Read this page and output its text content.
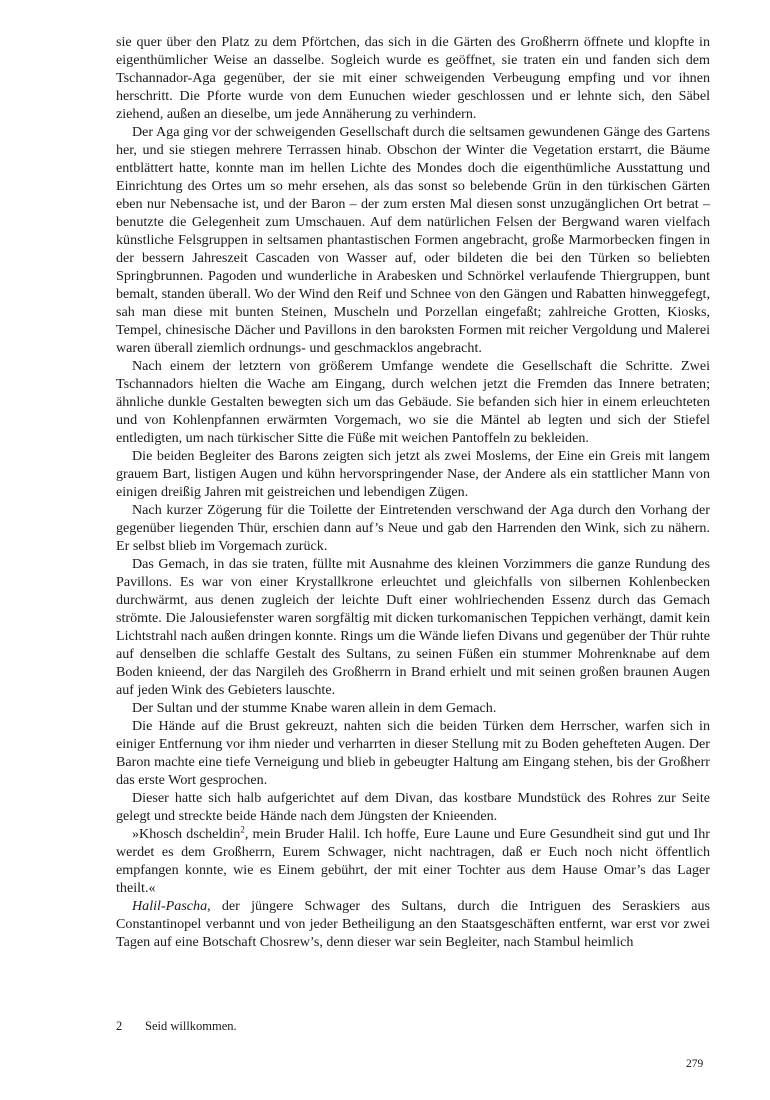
sie quer über den Platz zu dem Pförtchen, das sich in die Gärten des Großherrn öffnete und klopfte in eigenthümlicher Weise an dasselbe. Sogleich wurde es geöffnet, sie traten ein und fanden sich dem Tschannador-Aga gegenüber, der sie mit einer schweigenden Verbeugung empfing und vor ihnen herschritt. Die Pforte wurde von dem Eunuchen wieder geschlossen und er lehnte sich, den Säbel ziehend, außen an dieselbe, um jede Annäherung zu verhindern.

Der Aga ging vor der schweigenden Gesellschaft durch die seltsamen gewundenen Gänge des Gartens her, und sie stiegen mehrere Terrassen hinab. Obschon der Winter die Vegetation erstarrt, die Bäume entblättert hatte, konnte man im hellen Lichte des Mondes doch die eigenthümliche Ausstattung und Einrichtung des Ortes um so mehr ersehen, als das sonst so belebende Grün in den türkischen Gärten eben nur Nebensache ist, und der Baron – der zum ersten Mal diesen sonst unzugänglichen Ort betrat – benutzte die Gelegenheit zum Umschauen. Auf dem natürlichen Felsen der Bergwand waren vielfach künstliche Felsgruppen in seltsamen phantastischen Formen angebracht, große Marmorbecken fingen in der bessern Jahreszeit Cascaden von Wasser auf, oder bildeten die bei den Türken so beliebten Springbrunnen. Pagoden und wunderliche in Arabesken und Schnörkel verlaufende Thiergruppen, bunt bemalt, standen überall. Wo der Wind den Reif und Schnee von den Gängen und Rabatten hinweggefegt, sah man diese mit bunten Steinen, Muscheln und Porzellan eingefaßt; zahlreiche Grotten, Kiosks, Tempel, chinesische Dächer und Pavillons in den baroksten Formen mit reicher Vergoldung und Malerei waren überall ziemlich ordnungs- und geschmacklos angebracht.

Nach einem der letztern von größerem Umfange wendete die Gesellschaft die Schritte. Zwei Tschannadors hielten die Wache am Eingang, durch welchen jetzt die Fremden das Innere betraten; ähnliche dunkle Gestalten bewegten sich um das Gebäude. Sie befanden sich hier in einem erleuchteten und von Kohlenpfannen erwärmten Vorgemach, wo sie die Mäntel ab legten und sich der Stiefel entledigten, um nach türkischer Sitte die Füße mit weichen Pantoffeln zu bekleiden.

Die beiden Begleiter des Barons zeigten sich jetzt als zwei Moslems, der Eine ein Greis mit langem grauem Bart, listigen Augen und kühn hervorspringender Nase, der Andere als ein stattlicher Mann von einigen dreißig Jahren mit geistreichen und lebendigen Zügen.

Nach kurzer Zögerung für die Toilette der Eintretenden verschwand der Aga durch den Vorhang der gegenüber liegenden Thür, erschien dann auf’s Neue und gab den Harrenden den Wink, sich zu nähern. Er selbst blieb im Vorgemach zurück.

Das Gemach, in das sie traten, füllte mit Ausnahme des kleinen Vorzimmers die ganze Rundung des Pavillons. Es war von einer Krystallkrone erleuchtet und gleichfalls von silbernen Kohlenbecken durchwärmt, aus denen zugleich der leichte Duft einer wohlriechenden Essenz durch das Gemach strömte. Die Jalousiefenster waren sorgfältig mit dicken turkomanischen Teppichen verhängt, damit kein Lichtstrahl nach außen dringen konnte. Rings um die Wände liefen Divans und gegenüber der Thür ruhte auf denselben die schlaffe Gestalt des Sultans, zu seinen Füßen ein stummer Mohrenknabe auf dem Boden knieend, der das Nargileh des Großherrn in Brand erhielt und mit seinen großen braunen Augen auf jeden Wink des Gebieters lauschte.

Der Sultan und der stumme Knabe waren allein in dem Gemach.

Die Hände auf die Brust gekreuzt, nahten sich die beiden Türken dem Herrscher, warfen sich in einiger Entfernung vor ihm nieder und verharrten in dieser Stellung mit zu Boden gehefteten Augen. Der Baron machte eine tiefe Verneigung und blieb in gebeugter Haltung am Eingang stehen, bis der Großherr das erste Wort gesprochen.

Dieser hatte sich halb aufgerichtet auf dem Divan, das kostbare Mundstück des Rohres zur Seite gelegt und streckte beide Hände nach dem Jüngsten der Knieenden.

»Khosch dscheldin$^2$, mein Bruder Halil. Ich hoffe, Eure Laune und Eure Gesundheit sind gut und Ihr werdet es dem Großherrn, Eurem Schwager, nicht nachtragen, daß er Euch noch nicht öffentlich empfangen konnte, wie es Einem gebührt, der mit einer Tochter aus dem Hause Omar’s das Lager theilt.«

Halil-Pascha, der jüngere Schwager des Sultans, durch die Intriguen des Seraskiers aus Constantinopel verbannt und von jeder Betheiligung an den Staatsgeschäften entfernt, war erst vor zwei Tagen auf eine Botschaft Chosrew’s, denn dieser war sein Begleiter, nach Stambul heimlich

2 Seid willkommen.
279
